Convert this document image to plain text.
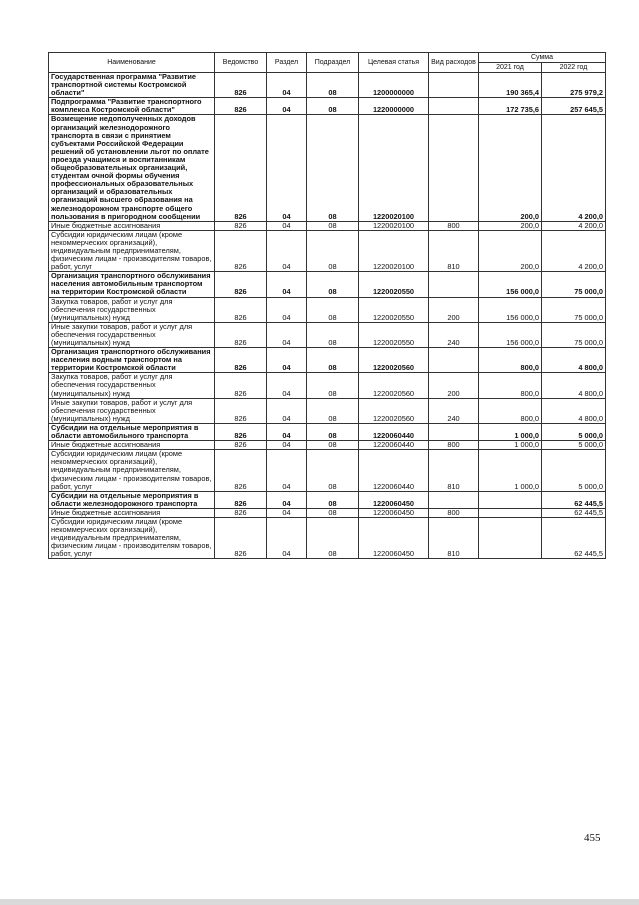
Наименование	Ведомство	Раздел	Подраздел	Целевая статья	Вид расходов	Сумма	
						2021 год	2022 год
Государственная программа "Развитие транспортной системы Костромской области"	826	04	08	1200000000		190 365,4	275 979,2
Подпрограмма "Развитие транспортного комплекса Костромской области"	826	04	08	1220000000		172 735,6	257 645,5
Возмещение недополученных доходов организаций железнодорожного транспорта в связи с принятием субъектами Российской Федерации решений об установлении льгот по оплате проезда учащимся и воспитанникам общеобразовательных организаций, студентам очной формы обучения профессиональных образовательных организаций и образовательных организаций высшего образования на железнодорожном транспорте общего пользования в пригородном сообщении	826	04	08	1220020100		200,0	4 200,0
Иные бюджетные ассигнования	826	04	08	1220020100	800	200,0	4 200,0
Субсидии юридическим лицам (кроме некоммерческих организаций), индивидуальным предпринимателям, физическим лицам - производителям товаров, работ, услуг	826	04	08	1220020100	810	200,0	4 200,0
Организация транспортного обслуживания населения автомобильным транспортом на территории Костромской области	826	04	08	1220020550		156 000,0	75 000,0
Закупка товаров, работ и услуг для обеспечения государственных (муниципальных) нужд	826	04	08	1220020550	200	156 000,0	75 000,0
Иные закупки товаров, работ и услуг для обеспечения государственных (муниципальных) нужд	826	04	08	1220020550	240	156 000,0	75 000,0
Организация транспортного обслуживания населения водным транспортом на территории Костромской области	826	04	08	1220020560		800,0	4 800,0
Закупка товаров, работ и услуг для обеспечения государственных (муниципальных) нужд	826	04	08	1220020560	200	800,0	4 800,0
Иные закупки товаров, работ и услуг для обеспечения государственных (муниципальных) нужд	826	04	08	1220020560	240	800,0	4 800,0
Субсидии на отдельные мероприятия в области автомобильного транспорта	826	04	08	1220060440		1 000,0	5 000,0
Иные бюджетные ассигнования	826	04	08	1220060440	800	1 000,0	5 000,0
Субсидии юридическим лицам (кроме некоммерческих организаций), индивидуальным предпринимателям, физическим лицам - производителям товаров, работ, услуг	826	04	08	1220060440	810	1 000,0	5 000,0
Субсидии на отдельные мероприятия в области железнодорожного транспорта	826	04	08	1220060450			62 445,5
Иные бюджетные ассигнования	826	04	08	1220060450	800		62 445,5
Субсидии юридическим лицам (кроме некоммерческих организаций), индивидуальным предпринимателям, физическим лицам - производителям товаров, работ, услуг	826	04	08	1220060450	810		62 445,5
455
